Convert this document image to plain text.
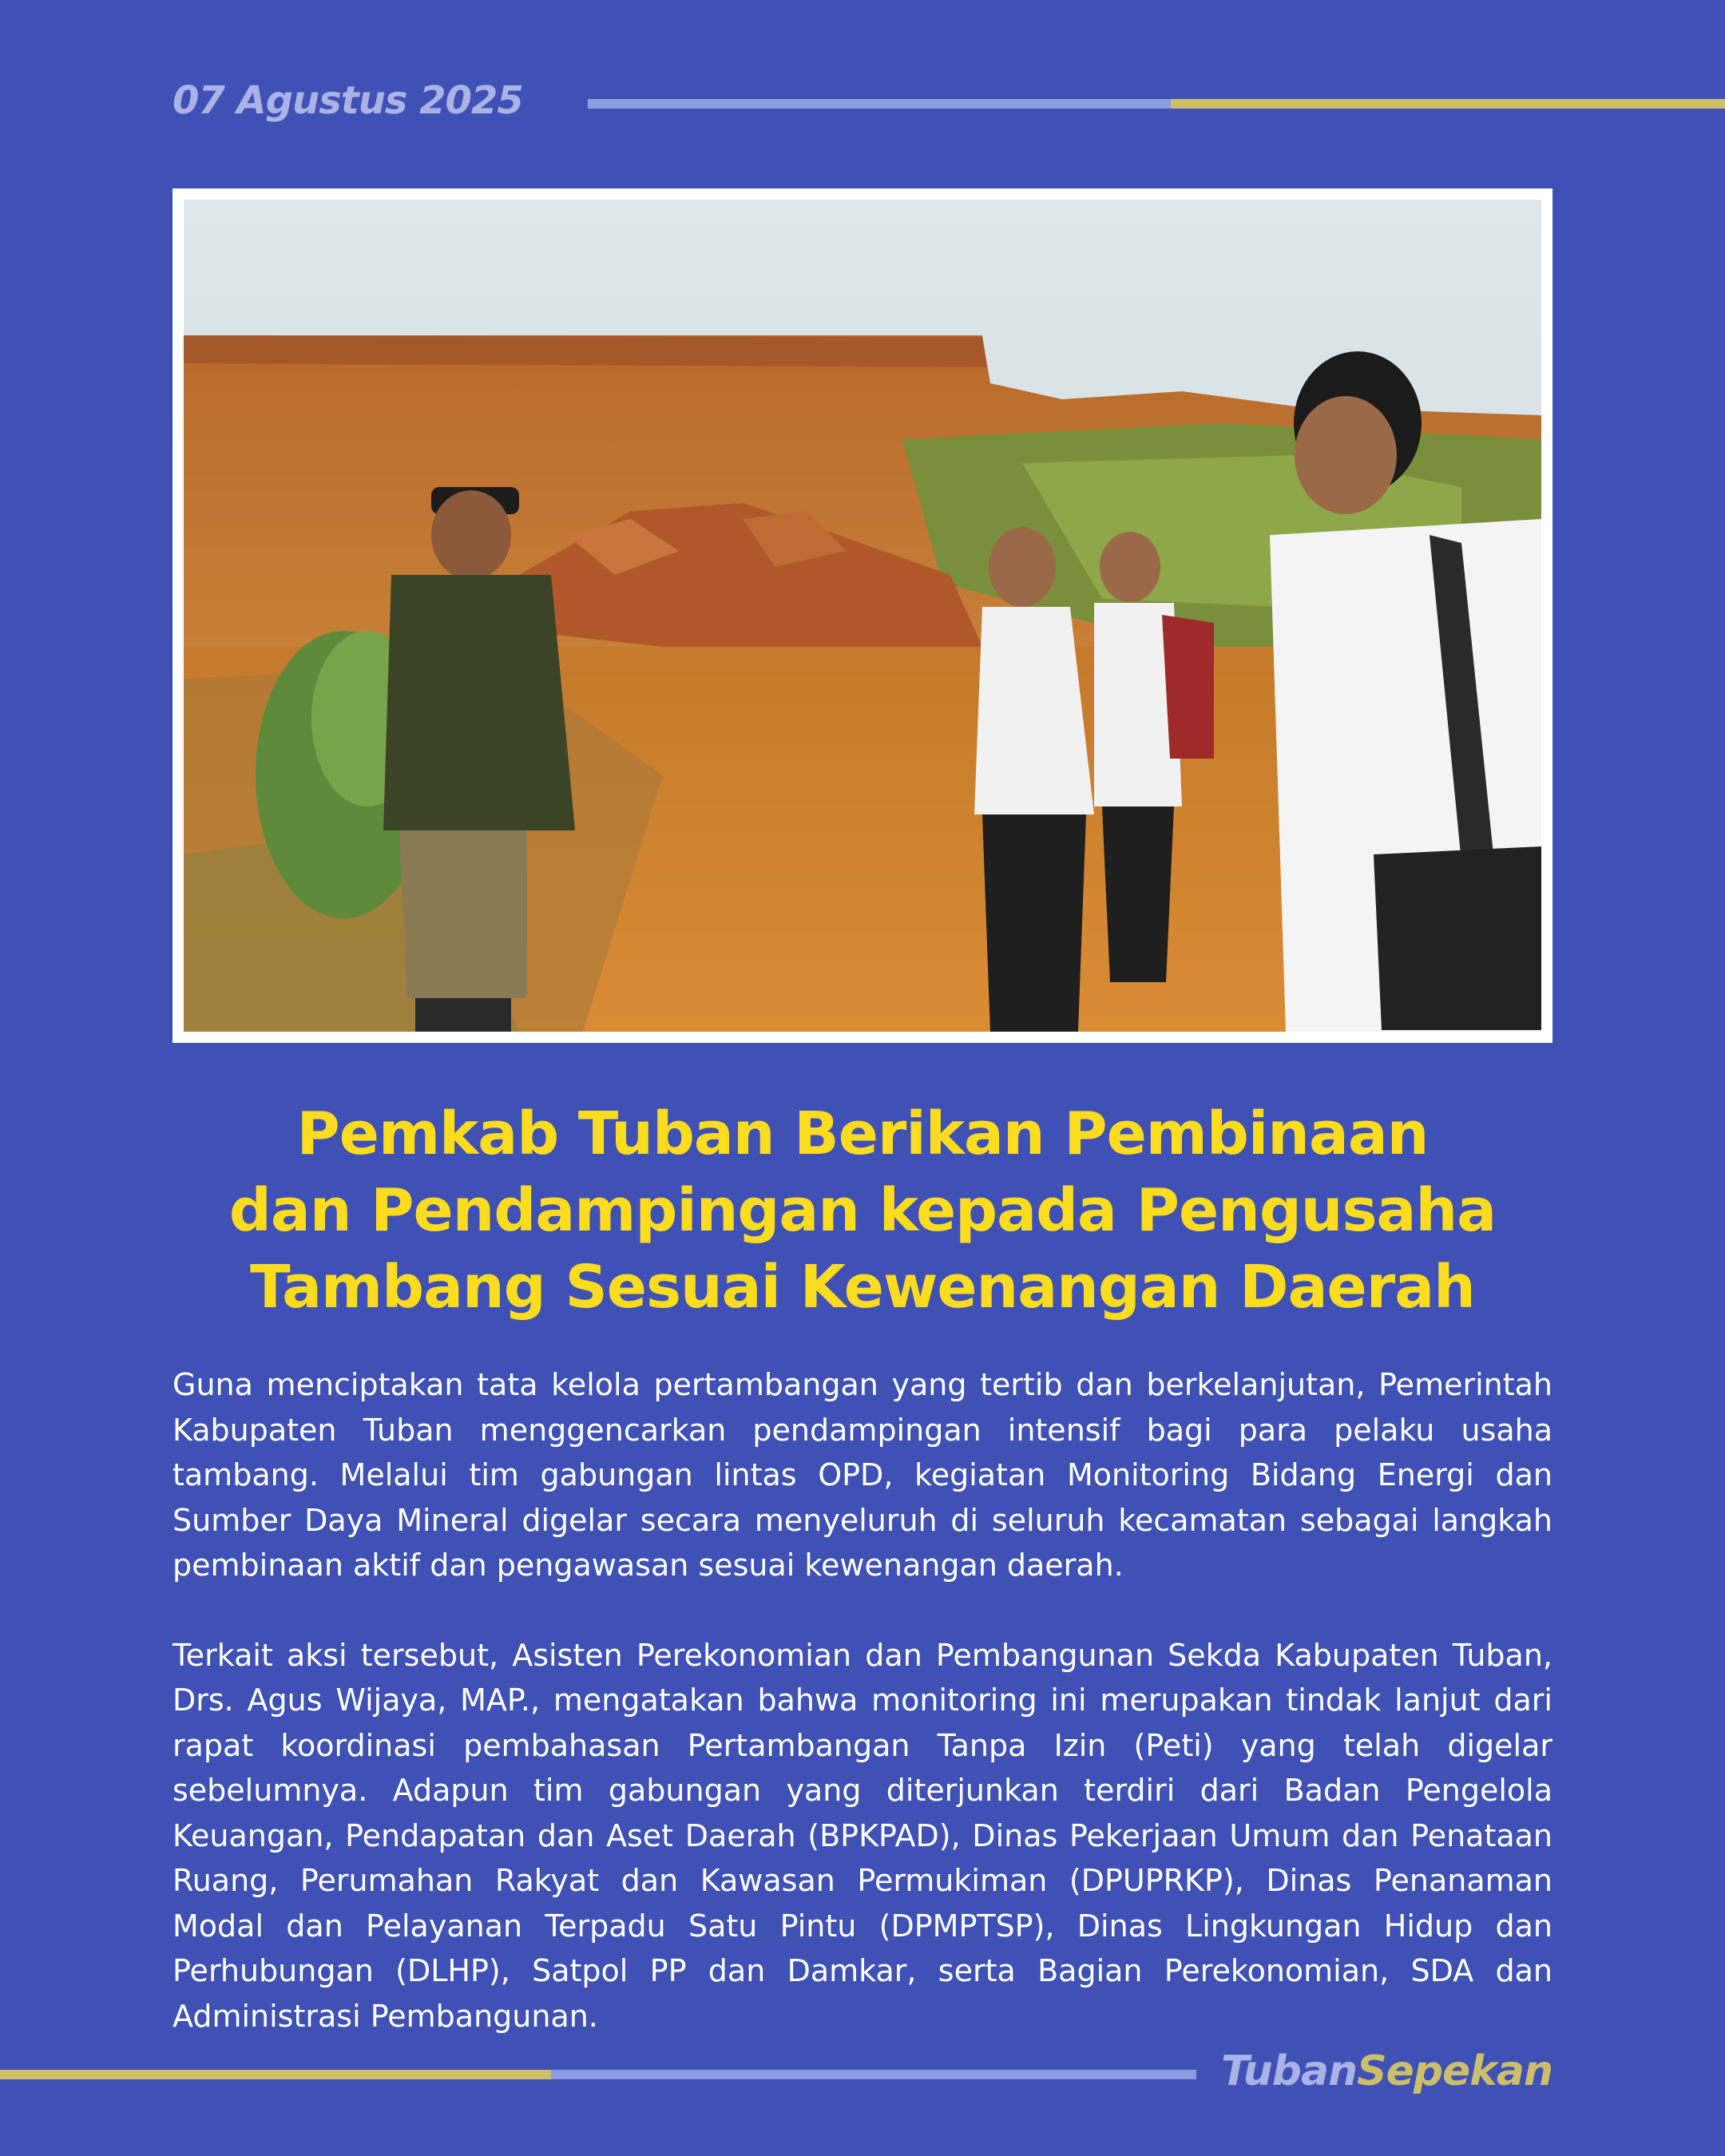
07 Agustus 2025
Pemkab Tuban Berikan Pembinaan
dan Pendampingan kepada Pengusaha
Tambang Sesuai Kewenangan Daerah

Guna menciptakan tata kelola pertambangan yang tertib dan berkelanjutan, Pemerintah Kabupaten Tuban menggencarkan pendampingan intensif bagi para pelaku usaha tambang. Melalui tim gabungan lintas OPD, kegiatan Monitoring Bidang Energi dan Sumber Daya Mineral digelar secara menyeluruh di seluruh kecamatan sebagai langkah pembinaan aktif dan pengawasan sesuai kewenangan daerah.

Terkait aksi tersebut, Asisten Perekonomian dan Pembangunan Sekda Kabupaten Tuban, Drs. Agus Wijaya, MAP., mengatakan bahwa monitoring ini merupakan tindak lanjut dari rapat koordinasi pembahasan Pertambangan Tanpa Izin (Peti) yang telah digelar sebelumnya. Adapun tim gabungan yang diterjunkan terdiri dari Badan Pengelola Keuangan, Pendapatan dan Aset Daerah (BPKPAD), Dinas Pekerjaan Umum dan Penataan Ruang, Perumahan Rakyat dan Kawasan Permukiman (DPUPRKP), Dinas Penanaman Modal dan Pelayanan Terpadu Satu Pintu (DPMPTSP), Dinas Lingkungan Hidup dan Perhubungan (DLHP), Satpol PP dan Damkar, serta Bagian Perekonomian, SDA dan Administrasi Pembangunan.

TubanSepekan
